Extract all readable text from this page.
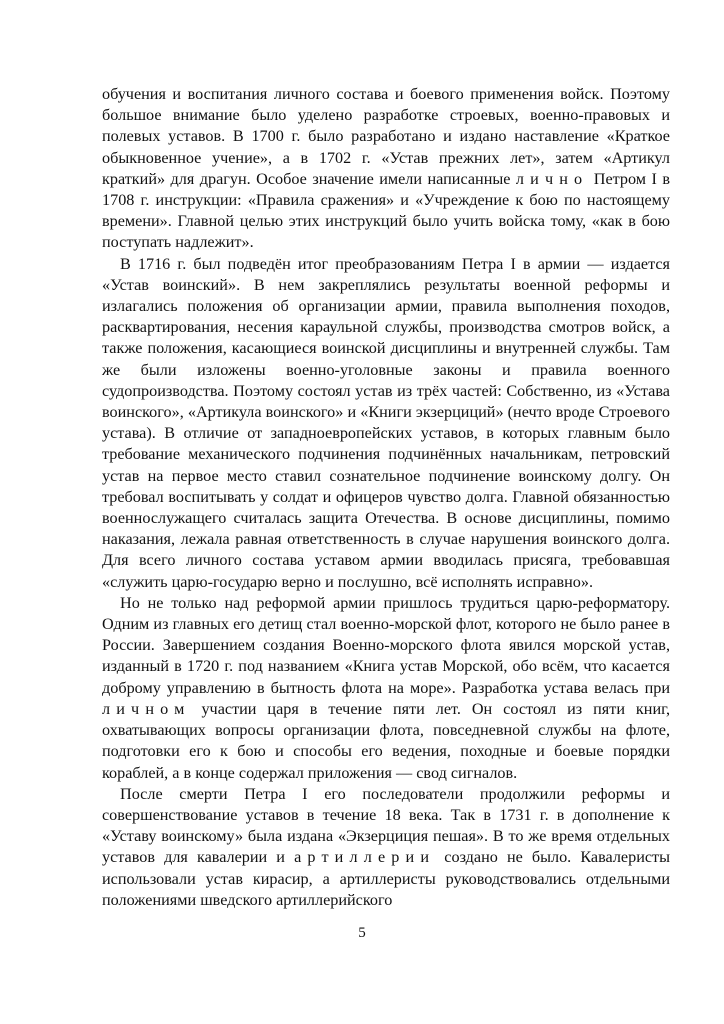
обучения и воспитания личного состава и боевого применения войск. Поэтому большое внимание было уделено разработке строевых, военно-правовых и полевых уставов. В 1700 г. было разработано и издано наставление «Краткое обыкновенное учение», а в 1702 г. «Устав прежних лет», затем «Артикул краткий» для драгун. Особое значение имели написанные лично Петром I в 1708 г. инструкции: «Правила сражения» и «Учреждение к бою по настоящему времени». Главной целью этих инструкций было учить войска тому, «как в бою поступать надлежит».

В 1716 г. был подведён итог преобразованиям Петра I в армии — издается «Устав воинский». В нем закреплялись результаты военной реформы и излагались положения об организации армии, правила выполнения походов, расквартирования, несения караульной службы, производства смотров войск, а также положения, касающиеся воинской дисциплины и внутренней службы. Там же были изложены военно-уголовные законы и правила военного судопроизводства. Поэтому состоял устав из трёх частей: Собственно, из «Устава воинского», «Артикула воинского» и «Книги экзерциций» (нечто вроде Строевого устава). В отличие от западноевропейских уставов, в которых главным было требование механического подчинения подчинённых начальникам, петровский устав на первое место ставил сознательное подчинение воинскому долгу. Он требовал воспитывать у солдат и офицеров чувство долга. Главной обязанностью военнослужащего считалась защита Отечества. В основе дисциплины, помимо наказания, лежала равная ответственность в случае нарушения воинского долга. Для всего личного состава уставом армии вводилась присяга, требовавшая «служить царю-государю верно и послушно, всё исполнять исправно».

Но не только над реформой армии пришлось трудиться царю-реформатору. Одним из главных его детищ стал военно-морской флот, которого не было ранее в России. Завершением создания Военно-морского флота явился морской устав, изданный в 1720 г. под названием «Книга устав Морской, обо всём, что касается доброму управлению в бытность флота на море». Разработка устава велась при личном участии царя в течение пяти лет. Он состоял из пяти книг, охватывающих вопросы организации флота, повседневной службы на флоте, подготовки его к бою и способы его ведения, походные и боевые порядки кораблей, а в конце содержал приложения — свод сигналов.

После смерти Петра I его последователи продолжили реформы и совершенствование уставов в течение 18 века. Так в 1731 г. в дополнение к «Уставу воинскому» была издана «Экзерциция пешая». В то же время отдельных уставов для кавалерии и артиллерии создано не было. Кавалеристы использовали устав кирасир, а артиллеристы руководствовались отдельными положениями шведского артиллерийского

5
